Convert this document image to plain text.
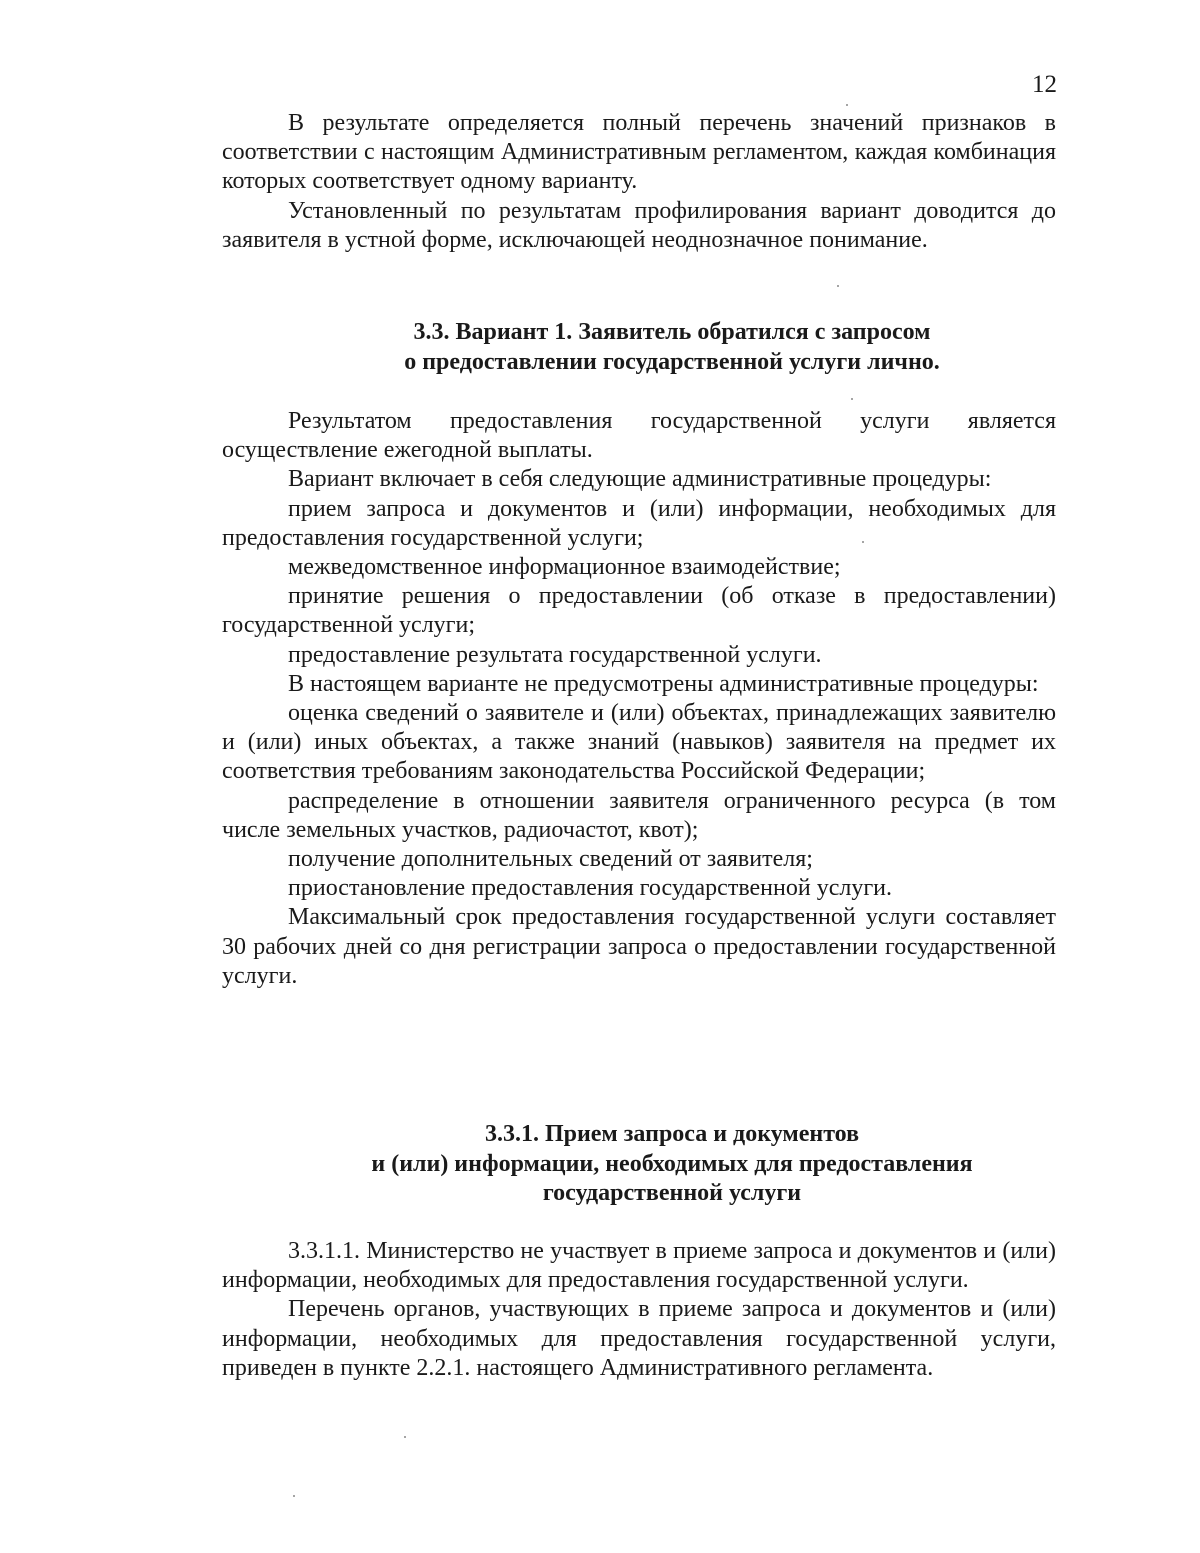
12

В результате определяется полный перечень значений признаков в соответствии с настоящим Административным регламентом, каждая комбинация которых соответствует одному варианту.

Установленный по результатам профилирования вариант доводится до заявителя в устной форме, исключающей неоднозначное понимание.

3.3. Вариант 1. Заявитель обратился с запросом
о предоставлении государственной услуги лично.

Результатом предоставления государственной услуги является осуществление ежегодной выплаты.

Вариант включает в себя следующие административные процедуры:

прием запроса и документов и (или) информации, необходимых для предоставления государственной услуги;

межведомственное информационное взаимодействие;

принятие решения о предоставлении (об отказе в предоставлении) государственной услуги;

предоставление результата государственной услуги.

В настоящем варианте не предусмотрены административные процедуры:

оценка сведений о заявителе и (или) объектах, принадлежащих заявителю и (или) иных объектах, а также знаний (навыков) заявителя на предмет их соответствия требованиям законодательства Российской Федерации;

распределение в отношении заявителя ограниченного ресурса (в том числе земельных участков, радиочастот, квот);

получение дополнительных сведений от заявителя;

приостановление предоставления государственной услуги.

Максимальный срок предоставления государственной услуги составляет 30 рабочих дней со дня регистрации запроса о предоставлении государственной услуги.

3.3.1. Прием запроса и документов
и (или) информации, необходимых для предоставления
государственной услуги

3.3.1.1. Министерство не участвует в приеме запроса и документов и (или) информации, необходимых для предоставления государственной услуги.

Перечень органов, участвующих в приеме запроса и документов и (или) информации, необходимых для предоставления государственной услуги, приведен в пункте 2.2.1. настоящего Административного регламента.
